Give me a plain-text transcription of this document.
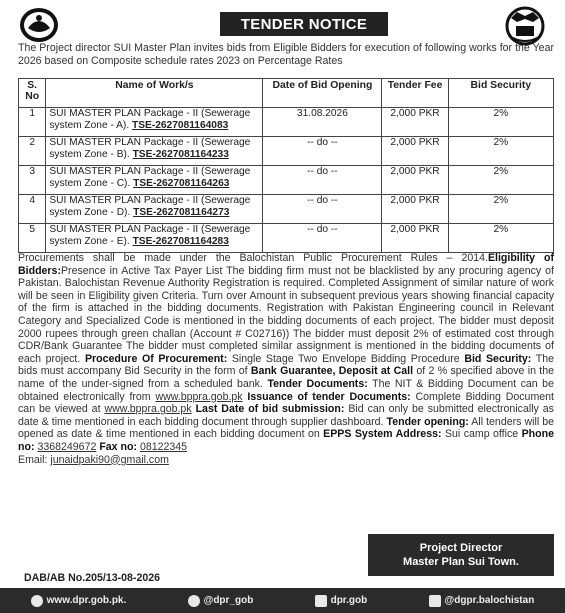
TENDER NOTICE
The Project director SUI Master Plan invites bids from Eligible Bidders for execution of following works for the Year 2026 based on Composite schedule rates 2023 on Percentage Rates
S. No	Name of Work/s	Date of Bid Opening	Tender Fee	Bid Security
1	SUI MASTER PLAN Package - II (Sewerage system Zone - A). TSE-2627081164083	31.08.2026	2,000 PKR	2%
2	SUI MASTER PLAN Package - II (Sewerage system Zone - B). TSE-2627081164233	-- do --	2,000 PKR	2%
3	SUI MASTER PLAN Package - II (Sewerage system Zone - C). TSE-2627081164263	-- do --	2,000 PKR	2%
4	SUI MASTER PLAN Package - II (Sewerage system Zone - D). TSE-2627081164273	-- do --	2,000 PKR	2%
5	SUI MASTER PLAN Package - II (Sewerage system Zone - E). TSE-2627081164283	-- do --	2,000 PKR	2%
Procurements shall be made under the Balochistan Public Procurement Rules – 2014.Eligibility of Bidders:Presence in Active Tax Payer List The bidding firm must not be blacklisted by any procuring agency of Pakistan. Balochistan Revenue Authority Registration is required. Completed Assignment of similar nature of work will be seen in Eligibility given Criteria. Turn over Amount in subsequent previous years showing financial capacity of the firm is attached in the bidding documents. Registration with Pakistan Engineering council in Relevant Category and Specialized Code is mentioned in the bidding documents of each project. The bidder must deposit 2000 rupees through green challan (Account # C02716)) The bidder must deposit 2% of estimated cost through CDR/Bank Guarantee The bidder must completed similar assignment is mentioned in the bidding documents of each project. Procedure Of Procurement: Single Stage Two Envelope Bidding Procedure Bid Security: The bids must accompany Bid Security in the form of Bank Guarantee, Deposit at Call of 2 % specified above in the name of the under-signed from a scheduled bank. Tender Documents: The NIT & Bidding Document can be obtained electronically from www.bppra.gob.pk Issuance of tender Documents: Complete Bidding Document can be viewed at www.bppra.gob.pk Last Date of bid submission: Bid can only be submitted electronically as date & time mentioned in each bidding document through supplier dashboard. Tender opening: All tenders will be opened as date & time mentioned in each bidding document on EPPS System Address: Sui camp office Phone no: 3368249672 Fax no: 08122345
Email: junaidpaki90@gmail.com
Project Director
Master Plan Sui Town.
DAB/AB No.205/13-08-2026
www.dpr.gob.pk.	@dpr_gob	dpr.gob	@dgpr.balochistan
